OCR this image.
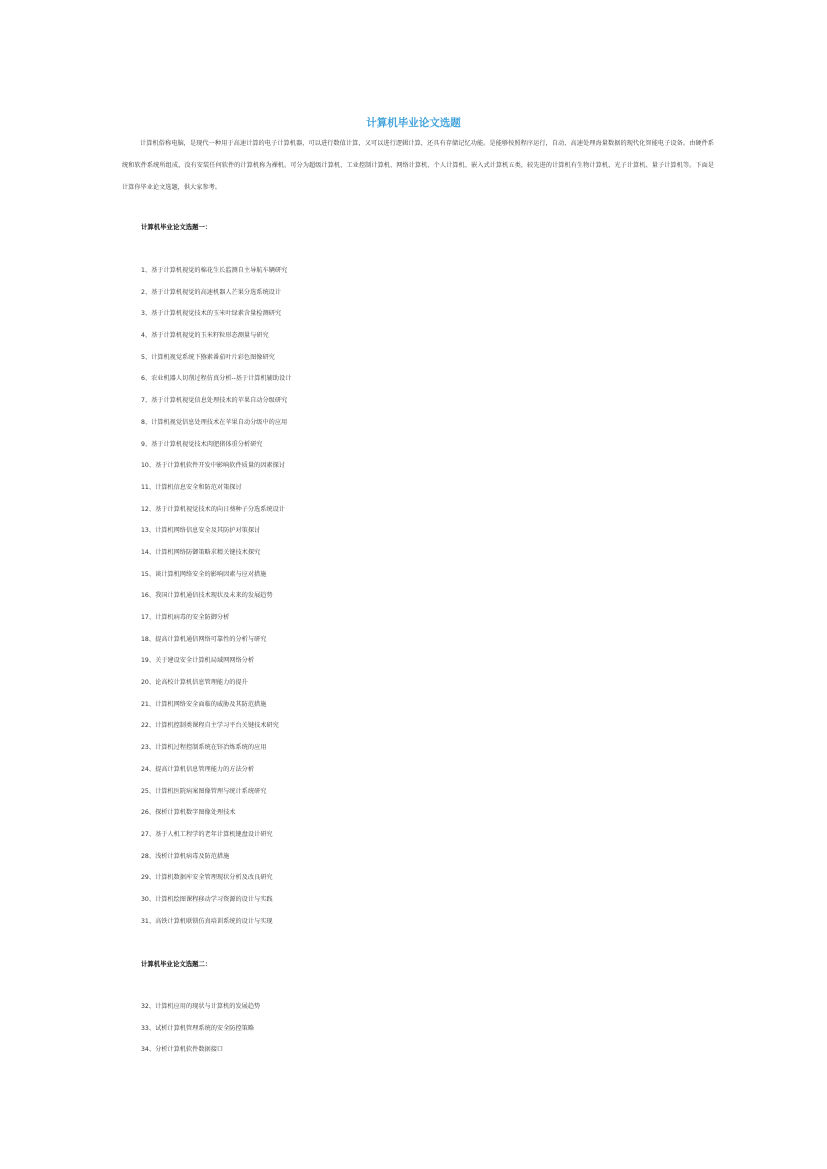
计算机毕业论文选题

计算机俗称电脑，是现代一种用于高速计算的电子计算机器，可以进行数值计算，又可以进行逻辑计算，还具有存储记忆功能。是能够按照程序运行，自动、高速处理海量数据的现代化智能电子设备。由硬件系统和软件系统所组成，没有安装任何软件的计算机称为裸机。可分为超级计算机、工业控制计算机、网络计算机、个人计算机、嵌入式计算机五类，较先进的计算机有生物计算机、光子计算机、量子计算机等。下面是计算你毕业论文选题，供大家参考。

计算机毕业论文选题一：
1、基于计算机视觉的棉花生长监测自主导航车辆研究
2、基于计算机视觉的高速机器人芒果分选系统设计
3、基于计算机视觉技术的玉米叶绿素含量检测研究
4、基于计算机视觉的玉米籽粒形态测量与研究
5、计算机视觉系统下猕素番茄叶片彩色图像研究
6、农业机器人切削过程仿真分析--基于计算机辅助设计
7、基于计算机视觉信息处理技术的苹果自动分级研究
8、计算机视觉信息处理技术在苹果自动分级中的应用
9、基于计算机视觉技术肉肥猪体重分析研究
10、基于计算机软件开发中影响软件质量的因素探讨
11、计算机信息安全和防范对策探讨
12、基于计算机视觉技术的向日葵种子分选系统设计
13、计算机网络信息安全及其防护对策探讨
14、计算机网络防御策略求精关键技术探究
15、谈计算机网络安全的影响因素与应对措施
16、我国计算机通信技术现状及未来的发展趋势
17、计算机病毒的安全防御分析
18、提高计算机通信网络可靠性的分析与研究
19、关于建设安全计算机局域网网络分析
20、论高校计算机信息管理能力的提升
21、计算机网络安全面临的威胁及其防范措施
22、计算机控制类课程自主学习平台关键技术研究
23、计算机过程控制系统在锌冶炼系统的应用
24、提高计算机信息管理能力的方法分析
25、计算机医院病案图像管理与统计系统研究
26、探析计算机数字图像处理技术
27、基于人机工程学的老年计算机键盘设计研究
28、浅析计算机病毒及防范措施
29、计算机数据库安全管理现状分析及改良研究
30、计算机绘图课程移动学习资源的设计与实践
31、高铁计算机联锁仿真培训系统的设计与实现
计算机毕业论文选题二：
32、计算机应用的现状与计算机的发展趋势
33、试析计算机管理系统的安全防控策略
34、分析计算机软件数据接口
